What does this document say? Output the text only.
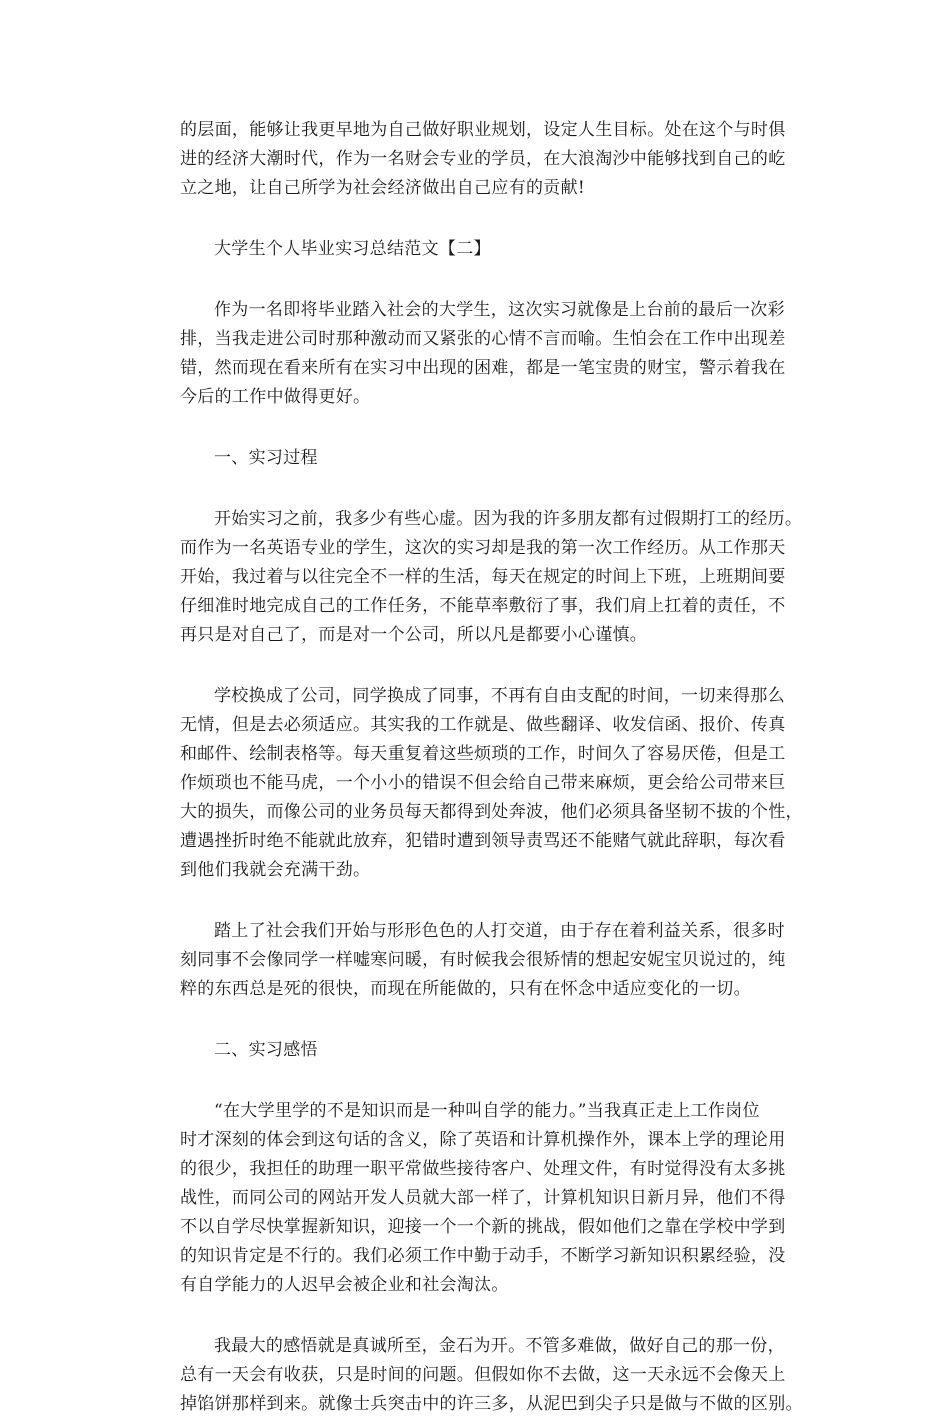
的层面，能够让我更早地为自己做好职业规划，设定人生目标。处在这个与时俱
进的经济大潮时代，作为一名财会专业的学员，在大浪淘沙中能够找到自己的屹
立之地，让自己所学为社会经济做出自己应有的贡献!
大学生个人毕业实习总结范文【二】
作为一名即将毕业踏入社会的大学生，这次实习就像是上台前的最后一次彩
排，当我走进公司时那种激动而又紧张的心情不言而喻。生怕会在工作中出现差
错，然而现在看来所有在实习中出现的困难，都是一笔宝贵的财宝，警示着我在
今后的工作中做得更好。
一、实习过程
开始实习之前，我多少有些心虚。因为我的许多朋友都有过假期打工的经历。
而作为一名英语专业的学生，这次的实习却是我的第一次工作经历。从工作那天
开始，我过着与以往完全不一样的生活，每天在规定的时间上下班，上班期间要
仔细准时地完成自己的工作任务，不能草率敷衍了事，我们肩上扛着的责任，不
再只是对自己了，而是对一个公司，所以凡是都要小心谨慎。
学校换成了公司，同学换成了同事，不再有自由支配的时间，一切来得那么
无情，但是去必须适应。其实我的工作就是、做些翻译、收发信函、报价、传真
和邮件、绘制表格等。每天重复着这些烦琐的工作，时间久了容易厌倦，但是工
作烦琐也不能马虎，一个小小的错误不但会给自己带来麻烦，更会给公司带来巨
大的损失，而像公司的业务员每天都得到处奔波，他们必须具备坚韧不拔的个性，
遭遇挫折时绝不能就此放弃，犯错时遭到领导责骂还不能赌气就此辞职，每次看
到他们我就会充满干劲。
踏上了社会我们开始与形形色色的人打交道，由于存在着利益关系，很多时
刻同事不会像同学一样嘘寒问暖，有时候我会很矫情的想起安妮宝贝说过的，纯
粹的东西总是死的很快，而现在所能做的，只有在怀念中适应变化的一切。
二、实习感悟
“在大学里学的不是知识而是一种叫自学的能力。”当我真正走上工作岗位
时才深刻的体会到这句话的含义，除了英语和计算机操作外，课本上学的理论用
的很少，我担任的助理一职平常做些接待客户、处理文件，有时觉得没有太多挑
战性，而同公司的网站开发人员就大部一样了，计算机知识日新月异，他们不得
不以自学尽快掌握新知识，迎接一个一个新的挑战，假如他们之靠在学校中学到
的知识肯定是不行的。我们必须工作中勤于动手，不断学习新知识积累经验，没
有自学能力的人迟早会被企业和社会淘汰。
我最大的感悟就是真诚所至，金石为开。不管多难做，做好自己的那一份，
总有一天会有收获，只是时间的问题。但假如你不去做，这一天永远不会像天上
掉馅饼那样到来。就像士兵突击中的许三多，从泥巴到尖子只是做与不做的区别。
